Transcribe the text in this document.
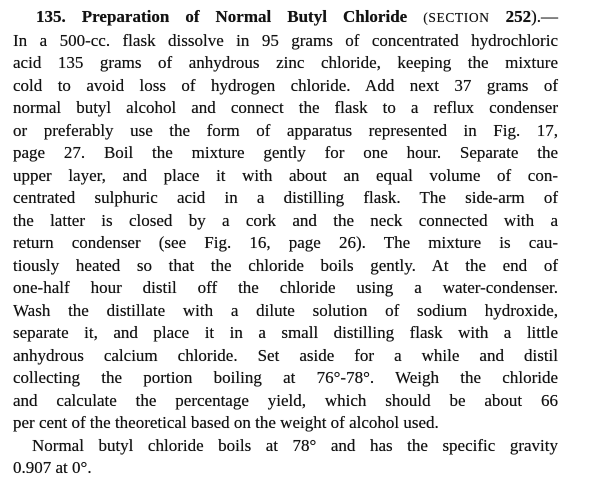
135. Preparation of Normal Butyl Chloride (SECTION 252).—
In a 500-cc. flask dissolve in 95 grams of concentrated hydrochloric
acid 135 grams of anhydrous zinc chloride, keeping the mixture
cold to avoid loss of hydrogen chloride. Add next 37 grams of
normal butyl alcohol and connect the flask to a reflux condenser
or preferably use the form of apparatus represented in Fig. 17,
page 27. Boil the mixture gently for one hour. Separate the
upper layer, and place it with about an equal volume of con-
centrated sulphuric acid in a distilling flask. The side-arm of
the latter is closed by a cork and the neck connected with a
return condenser (see Fig. 16, page 26). The mixture is cau-
tiously heated so that the chloride boils gently. At the end of
one-half hour distil off the chloride using a water-condenser.
Wash the distillate with a dilute solution of sodium hydroxide,
separate it, and place it in a small distilling flask with a little
anhydrous calcium chloride. Set aside for a while and distil
collecting the portion boiling at 76°-78°. Weigh the chloride
and calculate the percentage yield, which should be about 66
per cent of the theoretical based on the weight of alcohol used.
Normal butyl chloride boils at 78° and has the specific gravity
0.907 at 0°.
